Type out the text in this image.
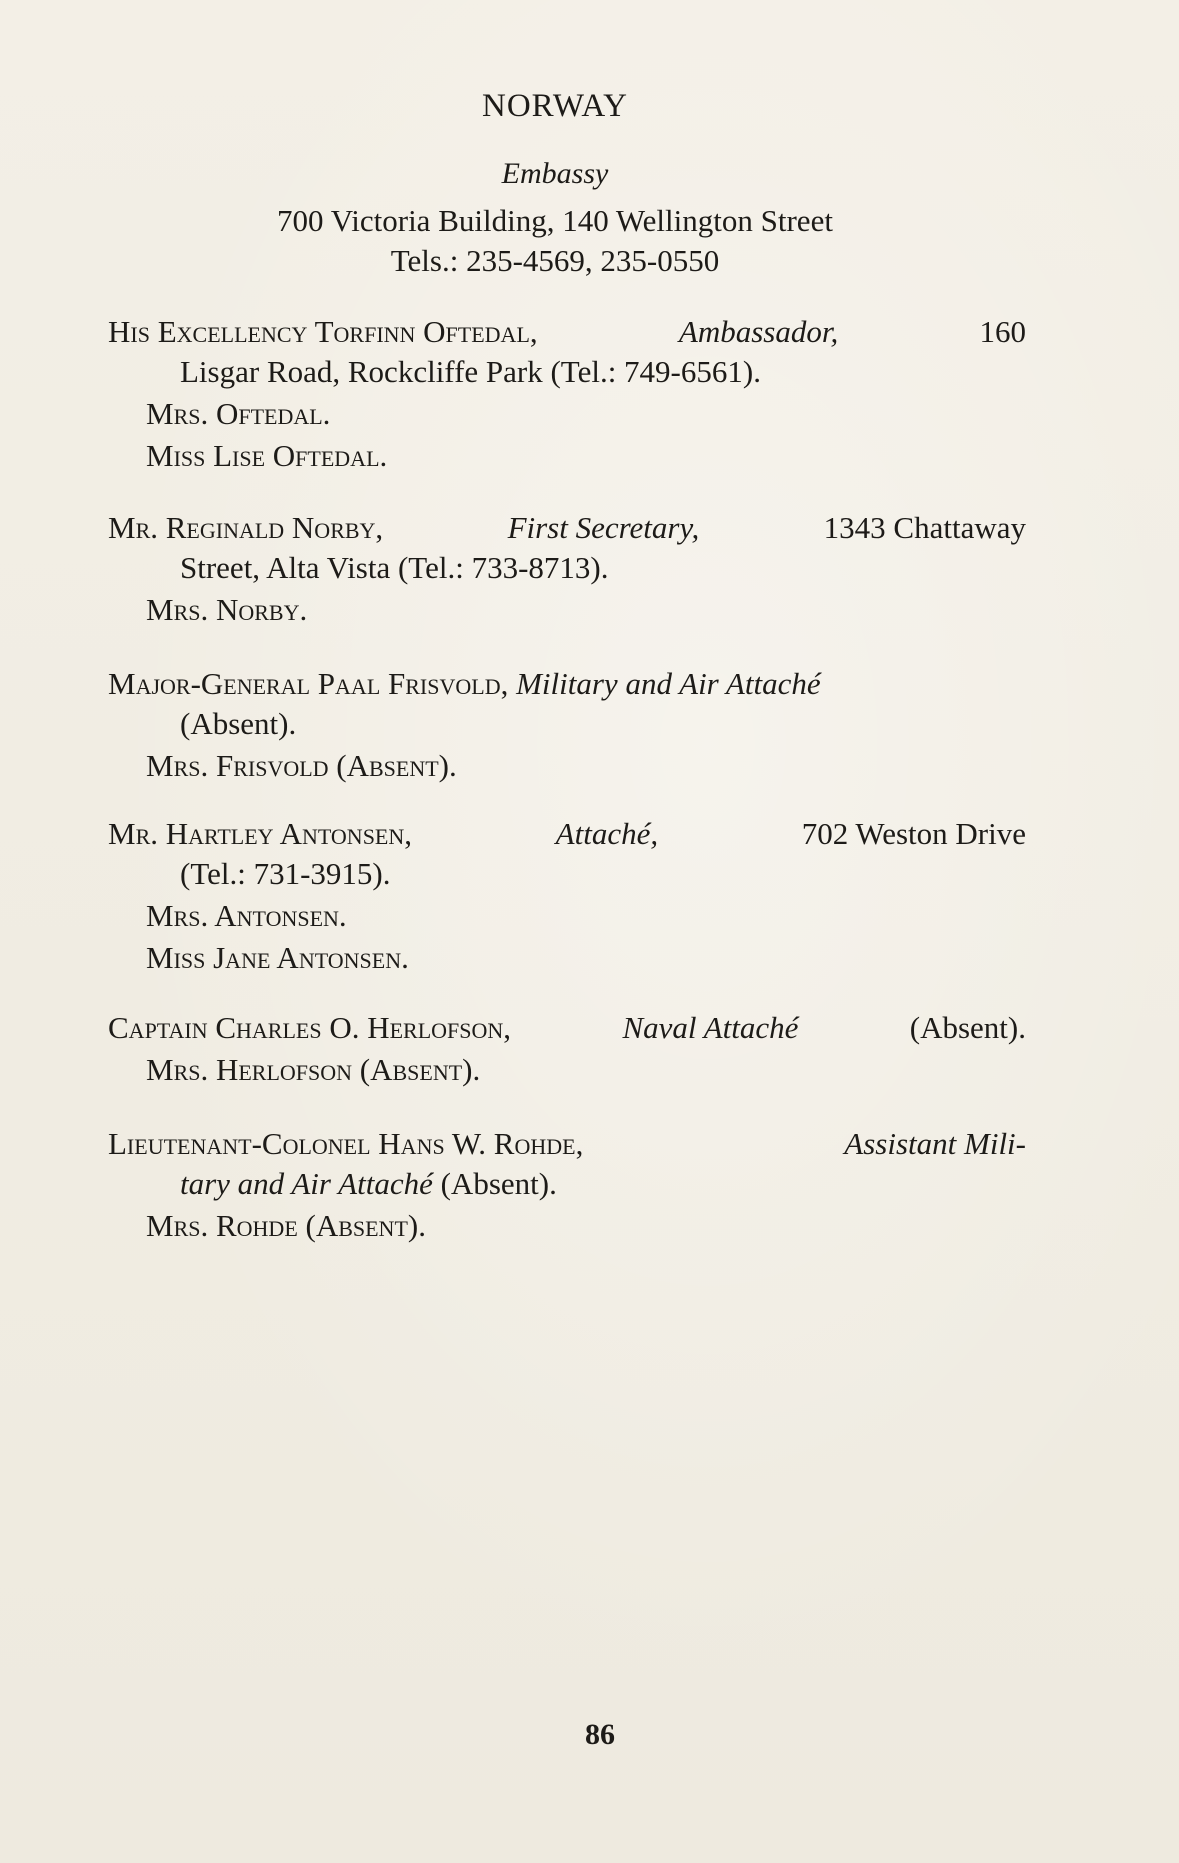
NORWAY
Embassy
700 Victoria Building, 140 Wellington Street
Tels.: 235-4569, 235-0550
His Excellency Torfinn Oftedal,	Ambassador,	160
Lisgar Road, Rockcliffe Park (Tel.: 749-6561).
Mrs. Oftedal.
Miss Lise Oftedal.
Mr. Reginald Norby,	First Secretary,	1343 Chattaway
Street, Alta Vista (Tel.: 733-8713).
Mrs. Norby.
Major-General Paal Frisvold, Military and Air Attaché
(Absent).
Mrs. Frisvold (Absent).
Mr. Hartley Antonsen,	Attaché,	702 Weston Drive
(Tel.: 731-3915).
Mrs. Antonsen.
Miss Jane Antonsen.
Captain Charles O. Herlofson,	Naval Attaché	(Absent).
Mrs. Herlofson (Absent).
Lieutenant-Colonel Hans W. Rohde,	Assistant Mili-
tary and Air Attaché (Absent).
Mrs. Rohde (Absent).
86
